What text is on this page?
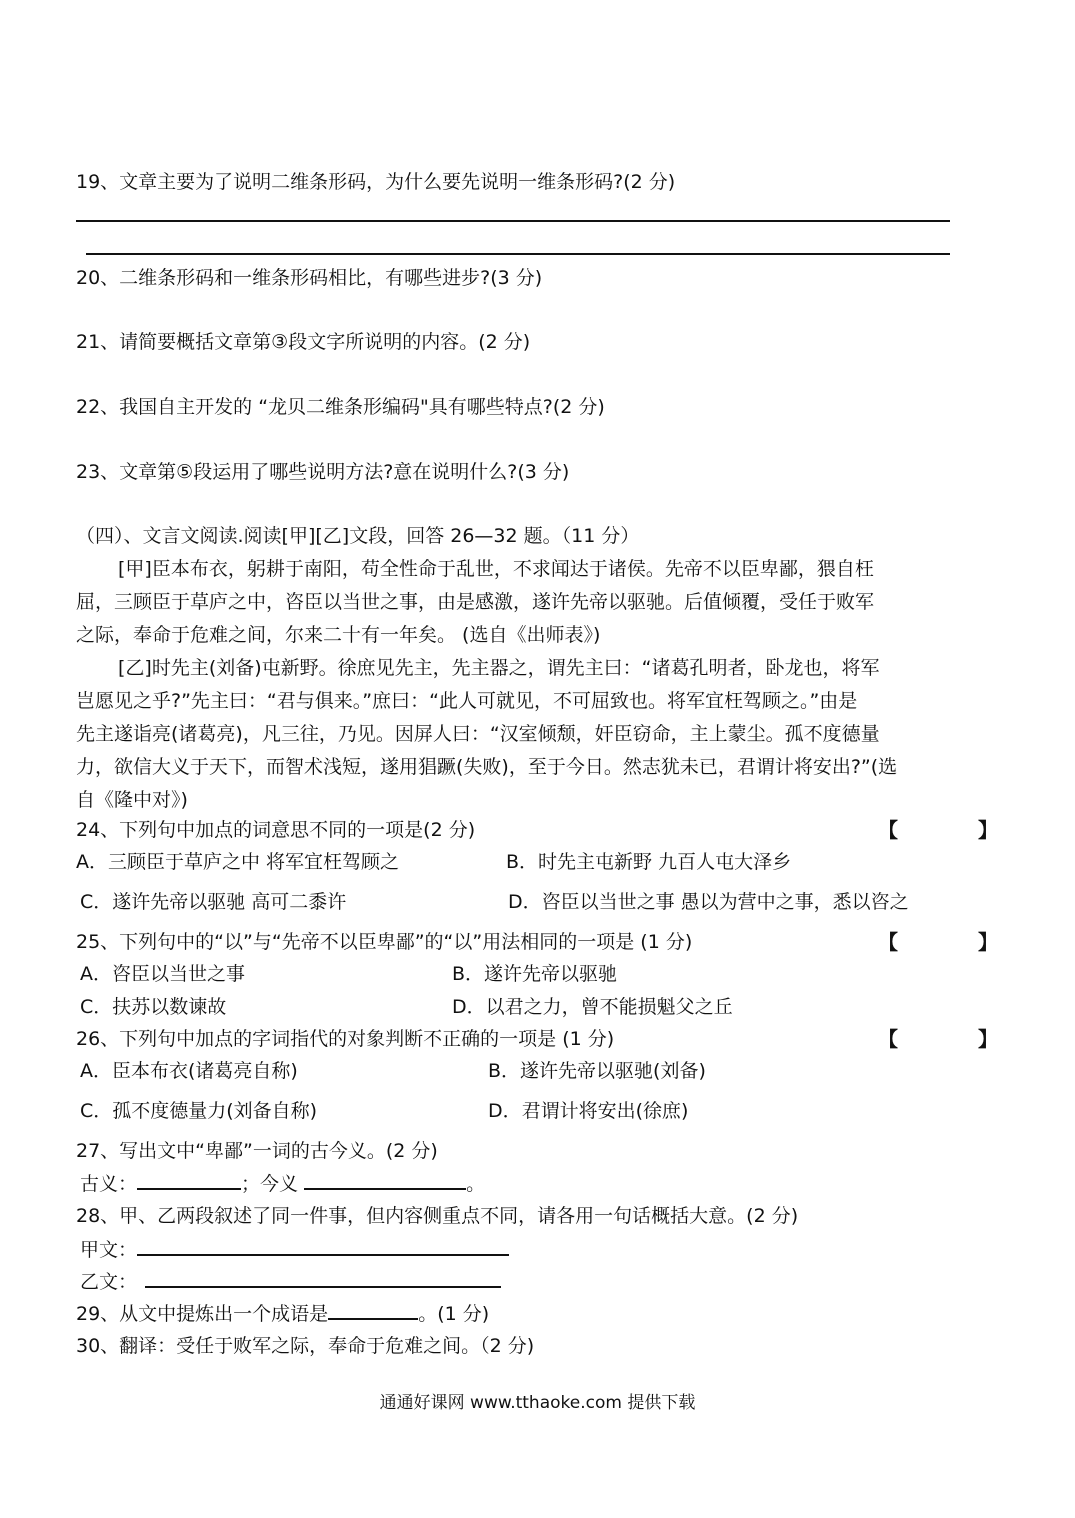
19、文章主要为了说明二维条形码，为什么要先说明一维条形码?(2 分)
20、二维条形码和一维条形码相比，有哪些进步?(3 分)
21、请简要概括文章第③段文字所说明的内容。(2 分)
22、我国自主开发的 “龙贝二维条形编码"具有哪些特点?(2 分)
23、文章第⑤段运用了哪些说明方法?意在说明什么?(3 分)
（四）、文言文阅读.阅读[甲][乙]文段，回答 26—32 题。（11 分）
[甲]臣本布衣，躬耕于南阳，苟全性命于乱世，不求闻达于诸侯。先帝不以臣卑鄙，猥自枉
屈，三顾臣于草庐之中，咨臣以当世之事，由是感激，遂许先帝以驱驰。后值倾覆，受任于败军
之际，奉命于危难之间，尔来二十有一年矣。 (选自《出师表》)
[乙]时先主(刘备)屯新野。徐庶见先主，先主器之，谓先主曰：“诸葛孔明者，卧龙也，将军
岂愿见之乎?”先主曰：“君与俱来。”庶曰：“此人可就见，不可屈致也。将军宜枉驾顾之。”由是
先主遂诣亮(诸葛亮)，凡三往，乃见。因屏人曰：“汉室倾颓，奸臣窃命，主上蒙尘。孤不度德量
力，欲信大义于天下，而智术浅短，遂用猖蹶(失败)，至于今日。然志犹未已，君谓计将安出?”(选
自《隆中对》)
24、下列句中加点的词意思不同的一项是(2 分)	【	】
A．三顾臣于草庐之中 将军宜枉驾顾之	B．时先主屯新野 九百人屯大泽乡
C．遂许先帝以驱驰 高可二黍许	D．咨臣以当世之事 愚以为营中之事，悉以咨之
25、下列句中的“以”与“先帝不以臣卑鄙”的“以”用法相同的一项是 (1 分)	【	】
A．咨臣以当世之事	B．遂许先帝以驱驰
C．扶苏以数谏故	D．以君之力，曾不能损魁父之丘
26、下列句中加点的字词指代的对象判断不正确的一项是 (1 分)	【	】
A．臣本布衣(诸葛亮自称)	B．遂许先帝以驱驰(刘备)
C．孤不度德量力(刘备自称)	D．君谓计将安出(徐庶)
27、写出文中“卑鄙”一词的古今义。(2 分)
古义：	；今义	。
28、甲、乙两段叙述了同一件事，但内容侧重点不同，请各用一句话概括大意。(2 分)
甲文：
乙文：
29、从文中提炼出一个成语是	。(1 分)
30、翻译：受任于败军之际，奉命于危难之间。（2 分)
通通好课网 www.tthaoke.com 提供下载
